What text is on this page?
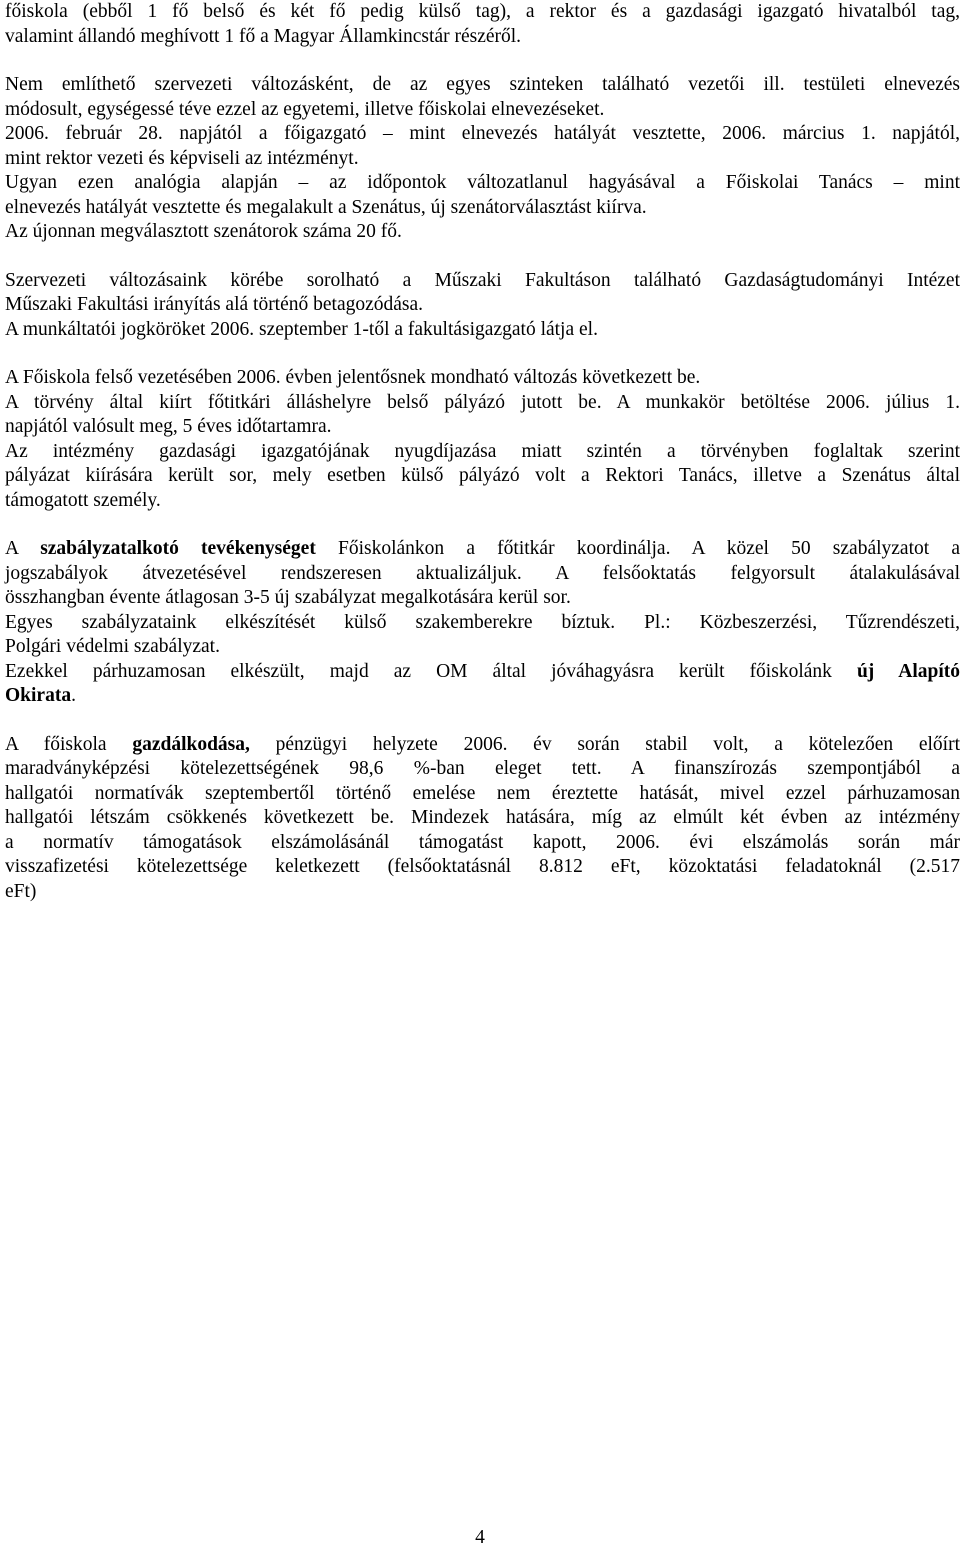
főiskola (ebből 1 fő belső és két fő pedig külső tag), a rektor és a gazdasági igazgató hivatalból tag,
valamint állandó meghívott 1 fő a Magyar Államkincstár részéről.
Nem említhető szervezeti változásként, de az egyes szinteken található vezetői ill. testületi elnevezés
módosult, egységessé téve ezzel az egyetemi, illetve főiskolai elnevezéseket.
2006. február 28. napjától a főigazgató – mint elnevezés hatályát vesztette, 2006. március 1. napjától,
mint rektor vezeti és képviseli az intézményt.
Ugyan ezen analógia alapján – az időpontok változatlanul hagyásával a Főiskolai Tanács – mint
elnevezés hatályát vesztette és megalakult a Szenátus, új szenátorválasztást kiírva.
Az újonnan megválasztott szenátorok száma 20 fő.
Szervezeti változásaink körébe sorolható a Műszaki Fakultáson található Gazdaságtudományi Intézet
Műszaki Fakultási irányítás alá történő betagozódása.
A munkáltatói jogköröket 2006. szeptember 1-től a fakultásigazgató látja el.
A Főiskola felső vezetésében 2006. évben jelentősnek mondható változás következett be.
A törvény által kiírt főtitkári álláshelyre belső pályázó jutott be. A munkakör betöltése 2006. július 1.
napjától valósult meg, 5 éves időtartamra.
Az intézmény gazdasági igazgatójának nyugdíjazása miatt szintén a törvényben foglaltak szerint
pályázat kiírására került sor, mely esetben külső pályázó volt a Rektori Tanács, illetve a Szenátus által
támogatott személy.
A szabályzatalkotó tevékenységet Főiskolánkon a főtitkár koordinálja. A közel 50 szabályzatot a
jogszabályok átvezetésével rendszeresen aktualizáljuk. A felsőoktatás felgyorsult átalakulásával
összhangban évente átlagosan 3-5 új szabályzat megalkotására kerül sor.
Egyes szabályzataink elkészítését külső szakemberekre bíztuk. Pl.: Közbeszerzési, Tűzrendészeti,
Polgári védelmi szabályzat.
Ezekkel párhuzamosan elkészült, majd az OM által jóváhagyásra került főiskolánk új Alapító
Okirata.
A főiskola gazdálkodása, pénzügyi helyzete 2006. év során stabil volt, a kötelezően előírt
maradványképzési kötelezettségének 98,6 %-ban eleget tett. A finanszírozás szempontjából a
hallgatói normatívák szeptembertől történő emelése nem éreztette hatását, mivel ezzel párhuzamosan
hallgatói létszám csökkenés következett be. Mindezek hatására, míg az elmúlt két évben az intézmény
a normatív támogatások elszámolásánál támogatást kapott, 2006. évi elszámolás során már
visszafizetési kötelezettsége keletkezett (felsőoktatásnál 8.812 eFt, közoktatási feladatoknál (2.517
eFt)
4
